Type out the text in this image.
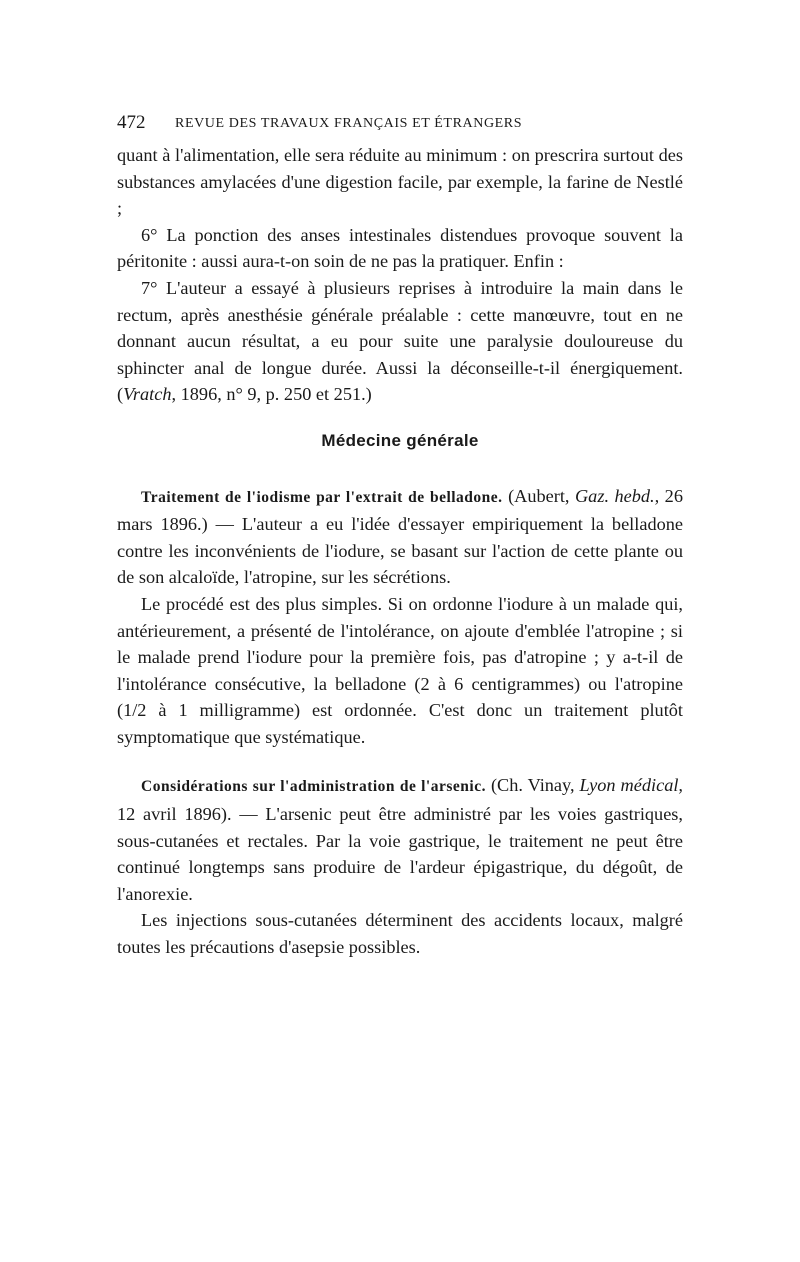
472 REVUE DES TRAVAUX FRANÇAIS ET ÉTRANGERS

quant à l'alimentation, elle sera réduite au minimum : on prescrira surtout des substances amylacées d'une digestion facile, par exemple, la farine de Nestlé ;

6° La ponction des anses intestinales distendues provoque souvent la péritonite : aussi aura-t-on soin de ne pas la pratiquer. Enfin :

7° L'auteur a essayé à plusieurs reprises à introduire la main dans le rectum, après anesthésie générale préalable : cette manœuvre, tout en ne donnant aucun résultat, a eu pour suite une paralysie douloureuse du sphincter anal de longue durée. Aussi la déconseille-t-il énergiquement. (Vratch, 1896, n° 9, p. 250 et 251.)

Médecine générale

Traitement de l'iodisme par l'extrait de belladone. (Aubert, Gaz. hebd., 26 mars 1896.) — L'auteur a eu l'idée d'essayer empiriquement la belladone contre les inconvénients de l'iodure, se basant sur l'action de cette plante ou de son alcaloïde, l'atropine, sur les sécrétions.

Le procédé est des plus simples. Si on ordonne l'iodure à un malade qui, antérieurement, a présenté de l'intolérance, on ajoute d'emblée l'atropine ; si le malade prend l'iodure pour la première fois, pas d'atropine ; y a-t-il de l'intolérance consécutive, la belladone (2 à 6 centigrammes) ou l'atropine (1/2 à 1 milligramme) est ordonnée. C'est donc un traitement plutôt symptomatique que systématique.

Considérations sur l'administration de l'arsenic. (Ch. Vinay, Lyon médical, 12 avril 1896). — L'arsenic peut être administré par les voies gastriques, sous-cutanées et rectales. Par la voie gastrique, le traitement ne peut être continué longtemps sans produire de l'ardeur épigastrique, du dégoût, de l'anorexie.

Les injections sous-cutanées déterminent des accidents locaux, malgré toutes les précautions d'asepsie possibles.
